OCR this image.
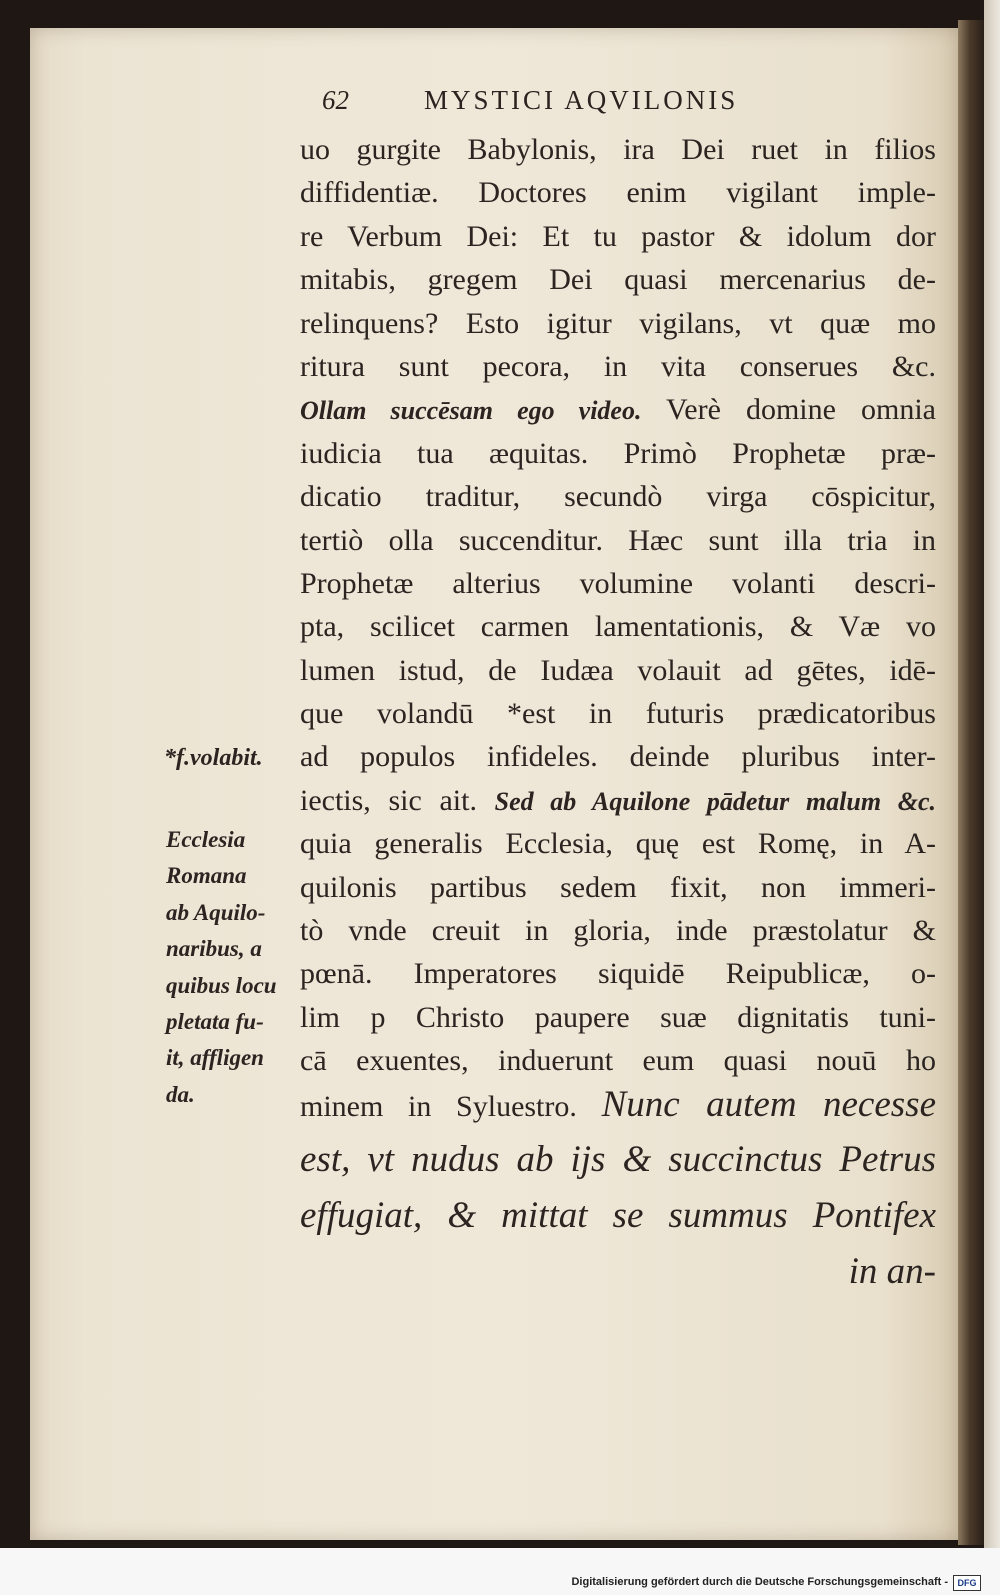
62	MYSTICI AQVILONIS
uo gurgite Babylonis, ira Dei ruet in filios
diffidentiæ. Doctores enim vigilant imple-
re Verbum Dei: Et tu pastor & idolum dor
mitabis, gregem Dei quasi mercenarius de-
relinquens? Esto igitur vigilans, vt quæ mo
ritura sunt pecora, in vita conserues &c.
Ollam succēsam ego video. Verè domine omnia
iudicia tua æquitas. Primò Prophetæ præ-
dicatio traditur, secundò virga cōspicitur,
tertiò olla succenditur. Hæc sunt illa tria in
Prophetæ alterius volumine volanti descri-
pta, scilicet carmen lamentationis, & Væ vo
lumen istud, de Iudæa volauit ad gētes, idē-
que volandū *est in futuris prædicatoribus
ad populos infideles. deinde pluribus inter-
iectis, sic ait. Sed ab Aquilone pādetur malum &c.
quia generalis Ecclesia, quę est Romę, in A-
quilonis partibus sedem fixit, non immeri-
tò vnde creuit in gloria, inde præstolatur &
pœnā. Imperatores siquidē Reipublicæ, o-
lim p Christo paupere suæ dignitatis tuni-
cā exuentes, induerunt eum quasi nouū ho
minem in Syluestro. Nunc autem necesse
est, vt nudus ab ijs & succinctus Petrus
effugiat, & mittat se summus Pontifex
in an-
*f.volabit.
Ecclesia
Romana
ab Aquilo-
naribus, a
quibus locu
pletata fu-
it, affligen
da.
Digitalisierung gefördert durch die Deutsche Forschungsgemeinschaft -	DFG
